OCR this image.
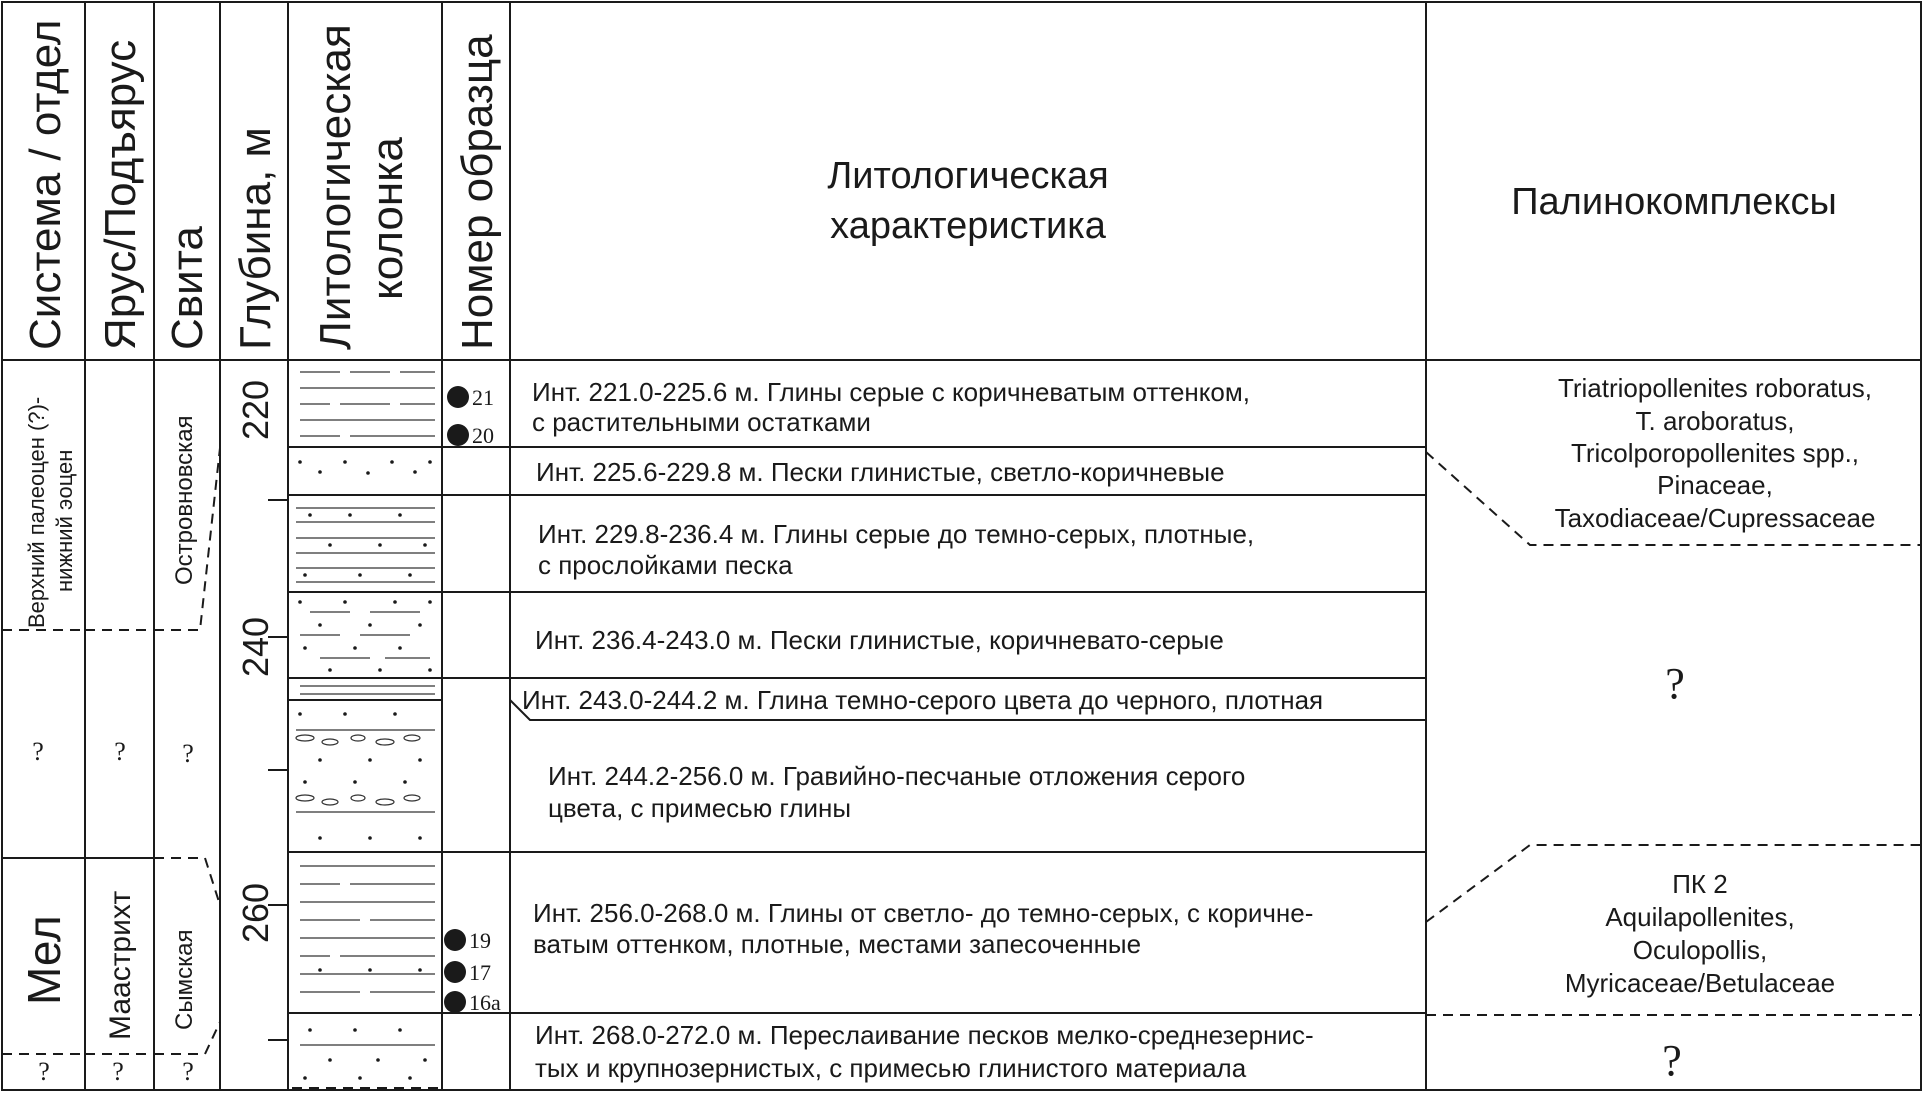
Система / отдел Ярус/Подъярус Свита Глубина, м Литологическая колонка Номер образца	Литологическая
характеристика
Палинокомплексы
Верхний палеоцен (?)- нижний эоцен
?
Мел
?
?
Маастрихт
?
Островновская
?
Сымская
?
220
240
260
21
20
19
17
16a
Инт. 221.0-225.6 м. Глины серые с коричневатым оттенком,
с растительными остатками
Инт. 225.6-229.8 м. Пески глинистые, светло-коричневые
Инт. 229.8-236.4 м. Глины серые до темно-серых, плотные,
с прослойками песка
Инт. 236.4-243.0 м. Пески глинистые, коричневато-серые
Инт. 243.0-244.2 м. Глина темно-серого цвета до черного, плотная
Инт. 244.2-256.0 м. Гравийно-песчаные отложения серого
цвета, с примесью глины
Инт. 256.0-268.0 м. Глины от светло- до темно-серых, с коричне-
ватым оттенком, плотные, местами запесоченные
Инт. 268.0-272.0 м. Переслаивание песков мелко-среднезернис-
тых и крупнозернистых, с примесью глинистого материала
Triatriopollenites roboratus,
T. aroboratus,
Tricolporopollenites spp.,
Pinaceae,
Taxodiaceae/Cupressaceae
?
ПК 2
Aquilapollenites,
Oculopollis,
Myricaceae/Betulaceae
?
